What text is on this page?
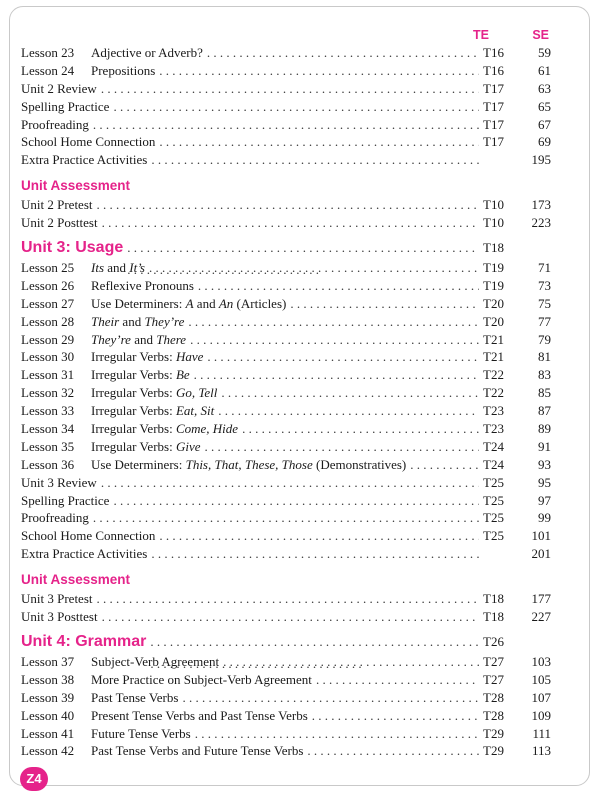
TE	SE
Lesson 23	Adjective or Adverb? . . .	T16	59
Lesson 24	Prepositions . . .	T16	61
Unit 2 Review . . .	T17	63
Spelling Practice . . .	T17	65
Proofreading . . .	T17	67
School Home Connection . . .	T17	69
Extra Practice Activities . . .	195
Unit Assessment
Unit 2 Pretest . . .	T10	173
Unit 2 Posttest . . .	T10	223
Unit 3: Usage . . .	T18
Lesson 25	Its and It’s . . .	T19	71
Lesson 26	Reflexive Pronouns . . .	T19	73
Lesson 27	Use Determiners: A and An (Articles) . . .	T20	75
Lesson 28	Their and They’re . . .	T20	77
Lesson 29	They’re and There . . .	T21	79
Lesson 30	Irregular Verbs: Have . . .	T21	81
Lesson 31	Irregular Verbs: Be . . .	T22	83
Lesson 32	Irregular Verbs: Go, Tell . . .	T22	85
Lesson 33	Irregular Verbs: Eat, Sit . . .	T23	87
Lesson 34	Irregular Verbs: Come, Hide . . .	T23	89
Lesson 35	Irregular Verbs: Give . . .	T24	91
Lesson 36	Use Determiners: This, That, These, Those (Demonstratives) . . .	T24	93
Unit 3 Review . . .	T25	95
Spelling Practice . . .	T25	97
Proofreading . . .	T25	99
School Home Connection . . .	T25	101
Extra Practice Activities . . .	201
Unit Assessment
Unit 3 Pretest . . .	T18	177
Unit 3 Posttest . . .	T18	227
Unit 4: Grammar . . .	T26
Lesson 37	Subject-Verb Agreement . . .	T27	103
Lesson 38	More Practice on Subject-Verb Agreement . . .	T27	105
Lesson 39	Past Tense Verbs . . .	T28	107
Lesson 40	Present Tense Verbs and Past Tense Verbs . . .	T28	109
Lesson 41	Future Tense Verbs . . .	T29	111
Lesson 42	Past Tense Verbs and Future Tense Verbs . . .	T29	113
Z4
